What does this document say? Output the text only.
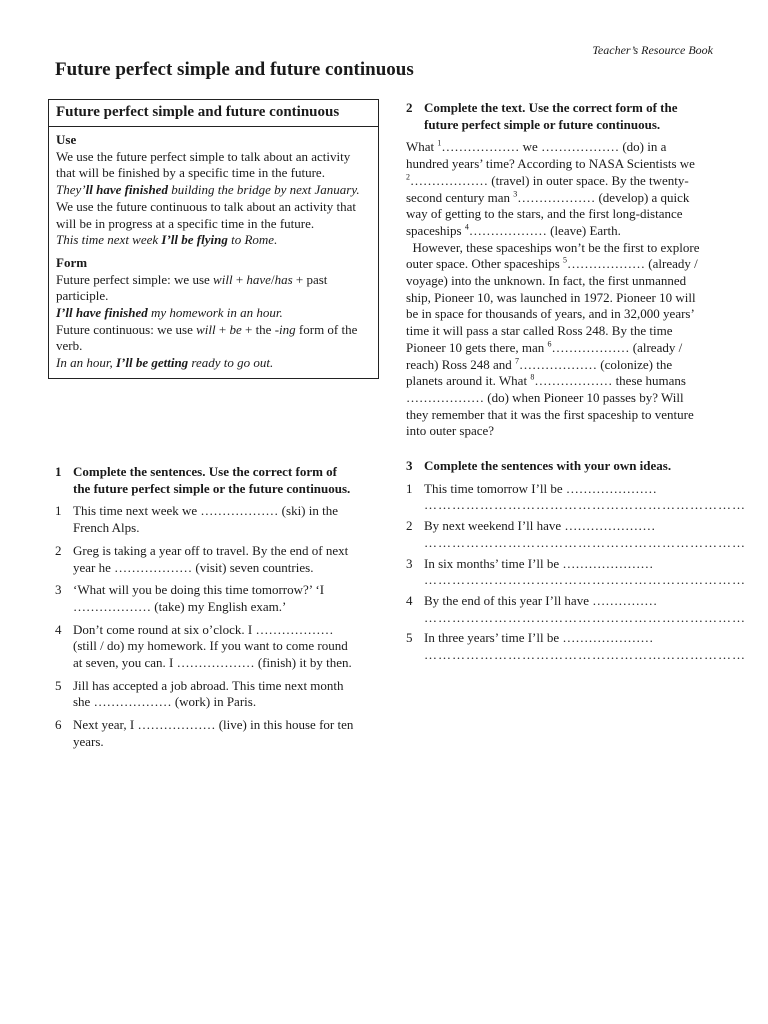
Teacher’s Resource Book
Future perfect simple and future continuous
Future perfect simple and future continuous
Use
We use the future perfect simple to talk about an activity that will be finished by a specific time in the future.
They’ll have finished building the bridge by next January.
We use the future continuous to talk about an activity that will be in progress at a specific time in the future.
This time next week I’ll be flying to Rome.
Form
Future perfect simple: we use will + have/has + past participle.
I’ll have finished my homework in an hour.
Future continuous: we use will + be + the -ing form of the verb.
In an hour, I’ll be getting ready to go out.
1 Complete the sentences. Use the correct form of the future perfect simple or the future continuous.
1 This time next week we ……………… (ski) in the French Alps.
2 Greg is taking a year off to travel. By the end of next year he ……………… (visit) seven countries.
3 ‘What will you be doing this time tomorrow?’ ‘I ……………… (take) my English exam.’
4 Don’t come round at six o’clock. I ……………… (still / do) my homework. If you want to come round at seven, you can. I ……………… (finish) it by then.
5 Jill has accepted a job abroad. This time next month she ……………… (work) in Paris.
6 Next year, I ……………… (live) in this house for ten years.
2 Complete the text. Use the correct form of the future perfect simple or future continuous.

What $^1$……………… we ……………… (do) in a hundred years’ time? According to NASA Scientists we $^2$……………… (travel) in outer space. By the twenty-second century man $^3$……………… (develop) a quick way of getting to the stars, and the first long-distance spaceships $^4$……………… (leave) Earth.
However, these spaceships won’t be the first to explore outer space. Other spaceships $^5$……………… (already / voyage) into the unknown. In fact, the first unmanned ship, Pioneer 10, was launched in 1972. Pioneer 10 will be in space for thousands of years, and in 32,000 years’ time it will pass a star called Ross 248. By the time Pioneer 10 gets there, man $^6$……………… (already / reach) Ross 248 and $^7$……………… (colonize) the planets around it. What $^8$……………… these humans ……………… (do) when Pioneer 10 passes by? Will they remember that it was the first spaceship to venture into outer space?

3 Complete the sentences with your own ideas.
1 This time tomorrow I’ll be …………………
……………………………………………………………
2 By next weekend I’ll have …………………
……………………………………………………………
3 In six months’ time I’ll be …………………
……………………………………………………………
4 By the end of this year I’ll have ……………
……………………………………………………………
5 In three years’ time I’ll be …………………
……………………………………………………………
